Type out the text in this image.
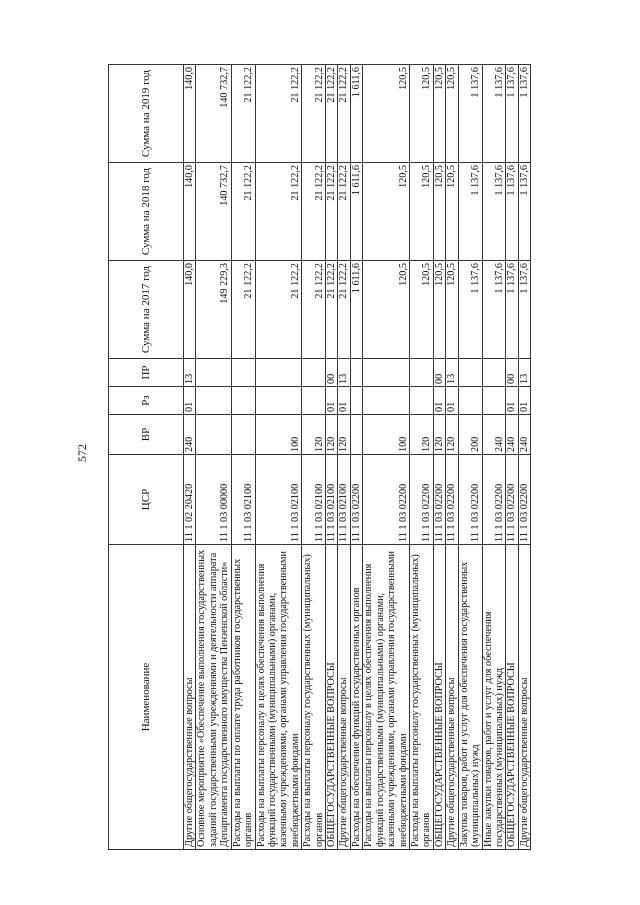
572
Наименование	ЦСР	ВР	Рз	ПР	Сумма на 2017 год	Сумма на 2018 год	Сумма на 2019 год
Другие общегосударственные вопросы	11 1 02 20420	240	01	13	140,0	140,0	140,0
Основное мероприятие «Обеспечение выполнения государственных заданий государственными учреждениями и деятельности аппарата Департамента государственного имущества Пензенской области»	11 1 03 00000				149 229,3	140 732,7	140 732,7
Расходы на выплаты по оплате труда работников государственных органов	11 1 03 02100				21 122,2	21 122,2	21 122,2
Расходы на выплаты персоналу в целях обеспечения выполнения функций государственными (муниципальными) органами, казенными учреждениями, органами управления государственными внебюджетными фондами	11 1 03 02100	100			21 122,2	21 122,2	21 122,2
Расходы на выплаты персоналу государственных (муниципальных) органов	11 1 03 02100	120			21 122,2	21 122,2	21 122,2
ОБЩЕГОСУДАРСТВЕННЫЕ ВОПРОСЫ	11 1 03 02100	120	01	00	21 122,2	21 122,2	21 122,2
Другие общегосударственные вопросы	11 1 03 02100	120	01	13	21 122,2	21 122,2	21 122,2
Расходы на обеспечение функций государственных органов	11 1 03 02200				1 611,6	1 611,6	1 611,6
Расходы на выплаты персоналу в целях обеспечения выполнения функций государственными (муниципальными) органами, казенными учреждениями, органами управления государственными внебюджетными фондами	11 1 03 02200	100			120,5	120,5	120,5
Расходы на выплаты персоналу государственных (муниципальных) органов	11 1 03 02200	120			120,5	120,5	120,5
ОБЩЕГОСУДАРСТВЕННЫЕ ВОПРОСЫ	11 1 03 02200	120	01	00	120,5	120,5	120,5
Другие общегосударственные вопросы	11 1 03 02200	120	01	13	120,5	120,5	120,5
Закупка товаров, работ и услуг для обеспечения государственных (муниципальных) нужд	11 1 03 02200	200			1 137,6	1 137,6	1 137,6
Иные закупки товаров, работ и услуг для обеспечения государственных (муниципальных) нужд	11 1 03 02200	240			1 137,6	1 137,6	1 137,6
ОБЩЕГОСУДАРСТВЕННЫЕ ВОПРОСЫ	11 1 03 02200	240	01	00	1 137,6	1 137,6	1 137,6
Другие общегосударственные вопросы	11 1 03 02200	240	01	13	1 137,6	1 137,6	1 137,6
